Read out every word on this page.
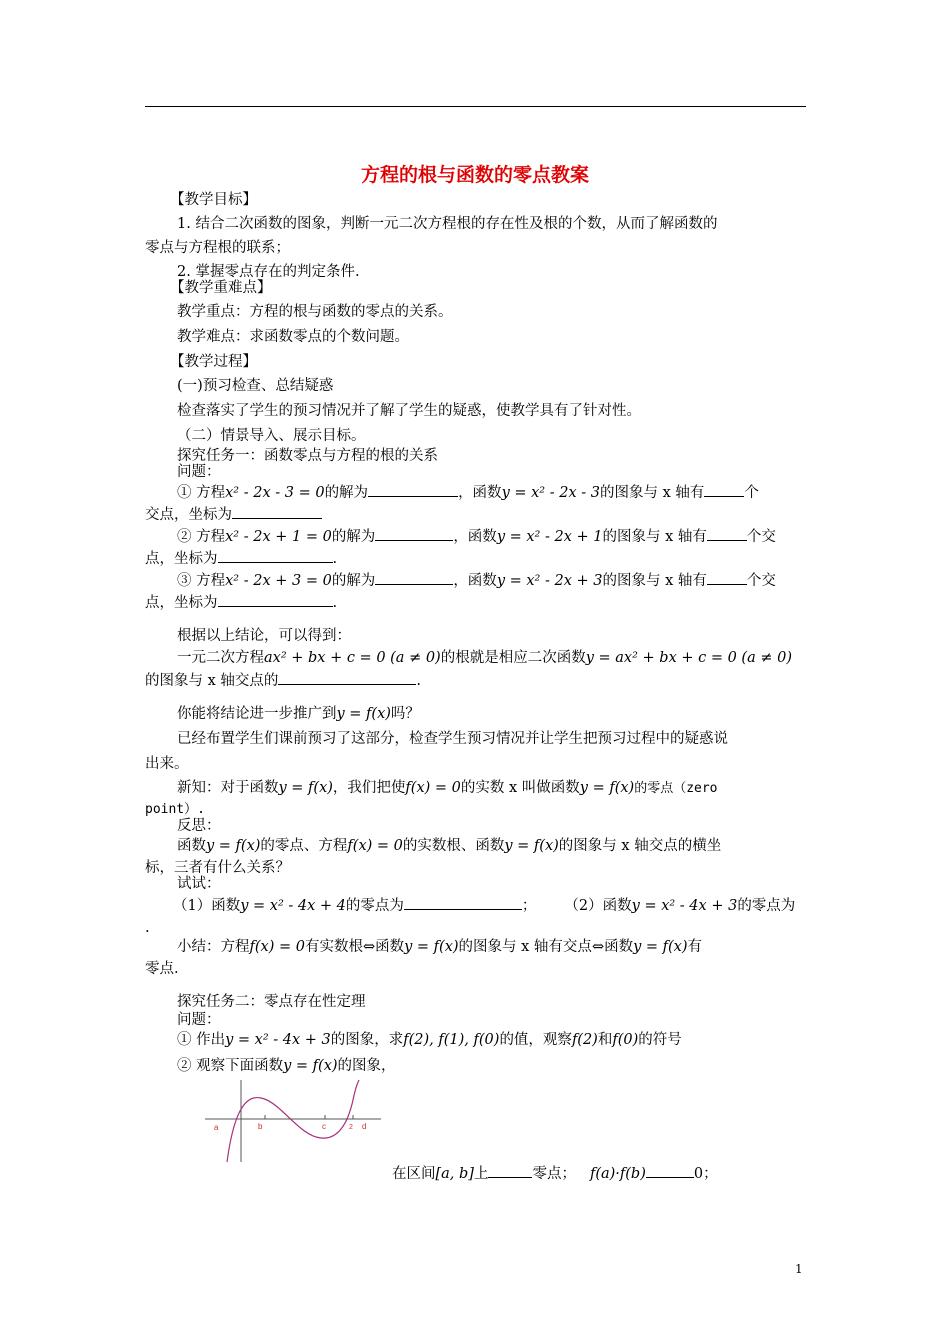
方程的根与函数的零点教案
【教学目标】
1. 结合二次函数的图象，判断一元二次方程根的存在性及根的个数，从而了解函数的
零点与方程根的联系；
2. 掌握零点存在的判定条件.
【教学重难点】
教学重点：方程的根与函数的零点的关系。
教学难点：求函数零点的个数问题。
【教学过程】
(一)预习检查、总结疑惑
检查落实了学生的预习情况并了解了学生的疑惑，使教学具有了针对性。
（二）情景导入、展示目标。
探究任务一：函数零点与方程的根的关系
问题：
① 方程x² - 2x - 3 = 0的解为	，函数y = x² - 2x - 3的图象与 x 轴有	个
交点，坐标为
② 方程x² - 2x + 1 = 0的解为	，函数y = x² - 2x + 1的图象与 x 轴有	个交
点，坐标为	.
③ 方程x² - 2x + 3 = 0的解为	，函数y = x² - 2x + 3的图象与 x 轴有	个交
点，坐标为	.
根据以上结论，可以得到：
一元二次方程ax² + bx + c = 0 (a ≠ 0)的根就是相应二次函数y = ax² + bx + c = 0 (a ≠ 0)
的图象与 x 轴交点的	.
你能将结论进一步推广到y = f(x)吗？
已经布置学生们课前预习了这部分，检查学生预习情况并让学生把预习过程中的疑惑说
出来。
新知：对于函数y = f(x)，我们把使f(x) = 0的实数 x 叫做函数y = f(x)的零点（zero
point）.
反思：
函数y = f(x)的零点、方程f(x) = 0的实数根、函数y = f(x)的图象与 x 轴交点的横坐
标，三者有什么关系？
试试：
（1）函数y = x² - 4x + 4的零点为	； （2）函数y = x² - 4x + 3的零点为
.
小结：方程f(x) = 0有实数根⇔函数y = f(x)的图象与 x 轴有交点⇔函数y = f(x)有
零点.
探究任务二：零点存在性定理
问题：
① 作出y = x² - 4x + 3的图象，求f(2), f(1), f(0)的值，观察f(2)和f(0)的符号
② 观察下面函数y = f(x)的图象，
a	b	c	2 d
在区间[a, b]上	零点； f(a)·f(b)	0；
1
